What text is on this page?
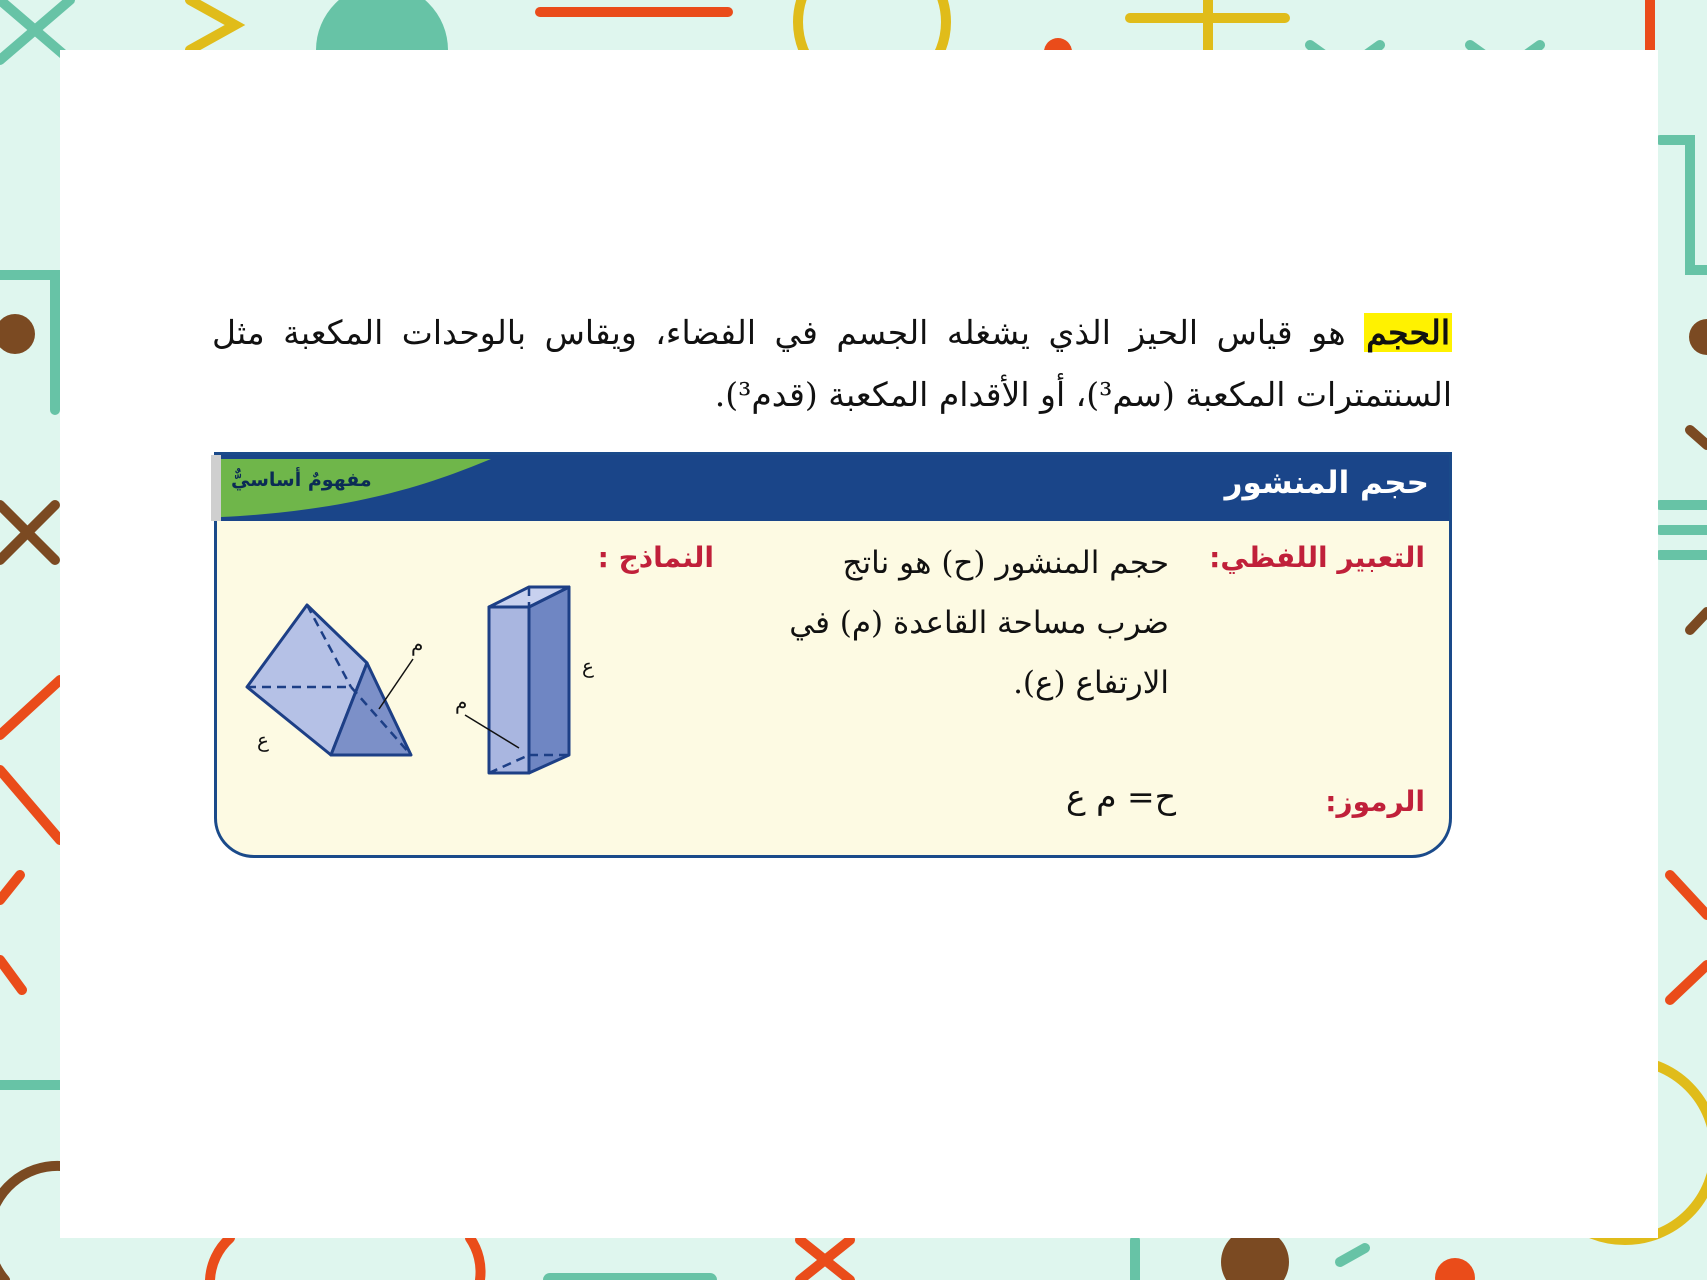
الحجم هو قياس الحيز الذي يشغله الجسم في الفضاء، ويقاس بالوحدات المكعبة مثل السنتمترات المكعبة (سم³)، أو الأقدام المكعبة (قدم³).
حجم المنشور
مفهومٌ أساسيٌّ
التعبير اللفظي:
حجم المنشور (ح) هو ناتج
ضرب مساحة القاعدة (م) في
الارتفاع (ع).
النماذج :
الرموز:
ح= م ع
ع
م
م
ع
